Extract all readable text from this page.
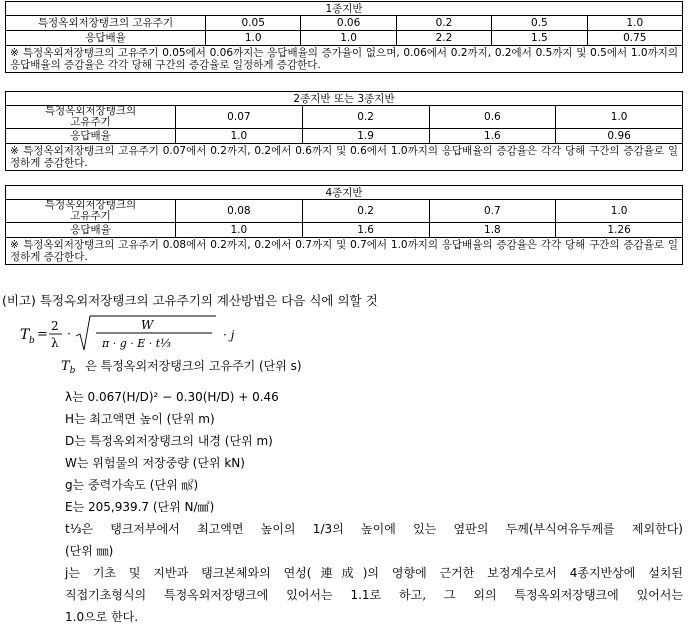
1종지반					
특정옥외저장탱크의 고유주기	0.05	0.06	0.2	0.5	1.0
응답배율	1.0	1.0	2.2	1.5	0.75
※ 특정옥외저장탱크의 고유주기 0.05에서 0.06까지는 응답배율의 증가율이 없으며, 0.06에서 0.2까지, 0.2에서 0.5까지 및 0.5에서 1.0까지의 응답배율의 증감율은 각각 당해 구간의 증감율로 일정하게 증감한다.					
2종지반 또는 3종지반				
특정옥외저장탱크의
고유주기	0.07	0.2	0.6	1.0
응답배율	1.0	1.9	1.6	0.96
※ 특정옥외저장탱크의 고유주기 0.07에서 0.2까지, 0.2에서 0.6까지 및 0.6에서 1.0까지의 응답배율의 증감율은 각각 당해 구간의 증감율로 일정하게 증감한다.				
4종지반				
특정옥외저장탱크의
고유주기	0.08	0.2	0.7	1.0
응답배율	1.0	1.6	1.8	1.26
※ 특정옥외저장탱크의 고유주기 0.08에서 0.2까지, 0.2에서 0.7까지 및 0.7에서 1.0까지의 응답배율의 증감율은 각각 당해 구간의 증감율로 일정하게 증감한다.				
(비고) 특정옥외저장탱크의 고유주기의 계산방법은 다음 식에 의할 것
T b =
2
λ
·
W
π · g · E · t⅓
· j
$T_b$ 은 특정옥외저장탱크의 고유주기 (단위 s)
λ는 0.067(H/D)² − 0.30(H/D) + 0.46
H는 최고액면 높이 (단위 m)
D는 특정옥외저장탱크의 내경 (단위 m)
W는 위험물의 저장중량 (단위 kN)
g는 중력가속도 (단위 ㎨)
E는 205,939.7 (단위 N/㎟)
t⅓은 탱크저부에서 최고액면 높이의 1/3의 높이에 있는 옆판의 두께(부식여유두께를 제외한다)
(단위 ㎜)
j는 기초 및 지반과 탱크본체와의 연성(連成)의 영향에 근거한 보정계수로서 4종지반상에 설치된
직접기초형식의 특정옥외저장탱크에 있어서는 1.1로 하고, 그 외의 특정옥외저장탱크에 있어서는
1.0으로 한다.
